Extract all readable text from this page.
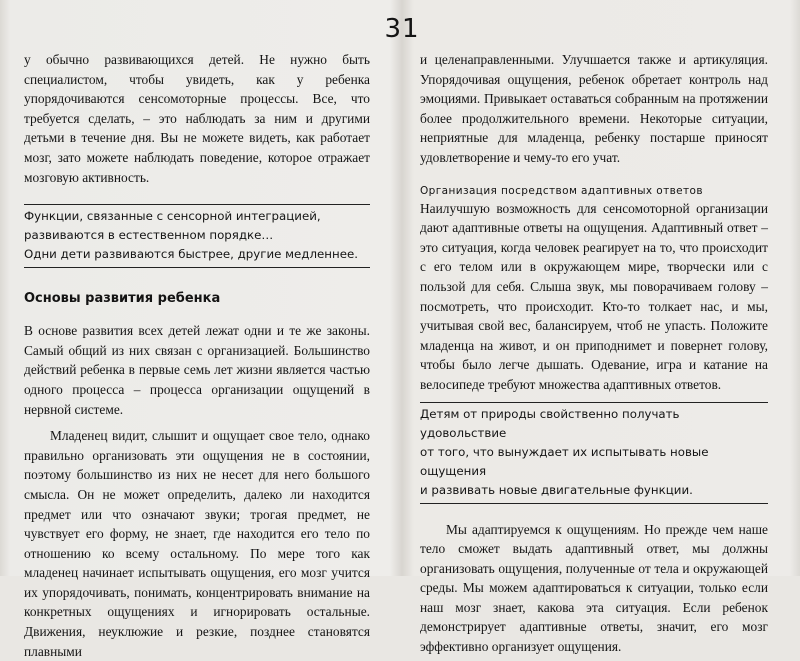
31

у обычно развивающихся детей. Не нужно быть специалистом, чтобы увидеть, как у ребенка упорядочиваются сенсомоторные процессы. Все, что требуется сделать, – это наблюдать за ним и другими детьми в течение дня. Вы не можете видеть, как работает мозг, зато можете наблюдать поведение, которое отражает мозговую активность.

Функции, связанные с сенсорной интеграцией,

развиваются в естественном порядке…

Одни дети развиваются быстрее, другие медленнее.

Основы развития ребенка

В основе развития всех детей лежат одни и те же законы. Самый общий из них связан с организацией. Большинство действий ребенка в первые семь лет жизни является частью одного процесса – процесса организации ощущений в нервной системе.

Младенец видит, слышит и ощущает свое тело, однако правильно организовать эти ощущения не в состоянии, поэтому большинство из них не несет для него большого смысла. Он не может определить, далеко ли находится предмет или что означают звуки; трогая предмет, не чувствует его форму, не знает, где находится его тело по отношению ко всему остальному. По мере того как младенец начинает испытывать ощущения, его мозг учится их упорядочивать, понимать, концентрировать внимание на конкретных ощущениях и игнорировать остальные. Движения, неуклюжие и резкие, позднее становятся плавными

и целенаправленными. Улучшается также и артикуляция. Упорядочивая ощущения, ребенок обретает контроль над эмоциями. Привыкает оставаться собранным на протяжении более продолжительного времени. Некоторые ситуации, неприятные для младенца, ребенку постарше приносят удовлетворение и чему-то его учат.

Организация посредством адаптивных ответов

Наилучшую возможность для сенсомоторной организации дают адаптивные ответы на ощущения. Адаптивный ответ – это ситуация, когда человек реагирует на то, что происходит с его телом или в окружающем мире, творчески или с пользой для себя. Слыша звук, мы поворачиваем голову – посмотреть, что происходит. Кто-то толкает нас, и мы, учитывая свой вес, балансируем, чтоб не упасть. Положите младенца на живот, и он приподнимет и повернет голову, чтобы было легче дышать. Одевание, игра и катание на велосипеде требуют множества адаптивных ответов.

Детям от природы свойственно получать удовольствие

от того, что вынуждает их испытывать новые ощущения

и развивать новые двигательные функции.

Мы адаптируемся к ощущениям. Но прежде чем наше тело сможет выдать адаптивный ответ, мы должны организовать ощущения, полученные от тела и окружающей среды. Мы можем адаптироваться к ситуации, только если наш мозг знает, какова эта ситуация. Если ребенок демонстрирует адаптивные ответы, значит, его мозг эффективно организует ощущения.
